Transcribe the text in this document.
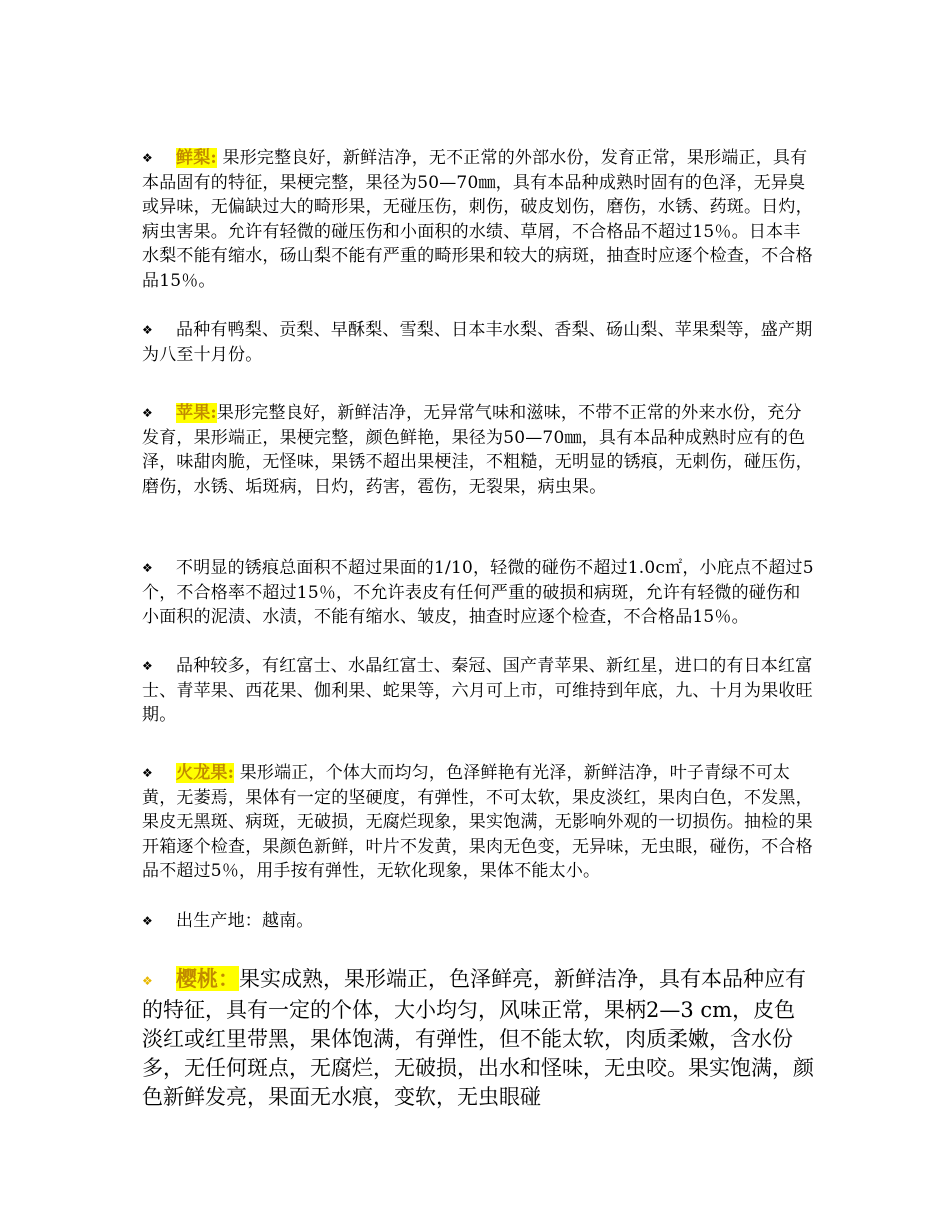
❖ 鲜梨: 果形完整良好，新鲜洁净，无不正常的外部水份，发育正常，果形端正，具有本品固有的特征，果梗完整，果径为50—70㎜，具有本品种成熟时固有的色泽，无异臭或异味，无偏缺过大的畸形果，无碰压伤，刺伤，破皮划伤，磨伤，水锈、药斑。日灼，病虫害果。允许有轻微的碰压伤和小面积的水绩、草屑，不合格品不超过15％。日本丰水梨不能有缩水，砀山梨不能有严重的畸形果和较大的病斑，抽查时应逐个检查，不合格品15％。

❖ 品种有鸭梨、贡梨、早酥梨、雪梨、日本丰水梨、香梨、砀山梨、苹果梨等，盛产期为八至十月份。

❖ 苹果:果形完整良好，新鲜洁净，无异常气味和滋味，不带不正常的外来水份，充分发育，果形端正，果梗完整，颜色鲜艳，果径为50—70㎜，具有本品种成熟时应有的色泽，味甜肉脆，无怪味，果锈不超出果梗洼，不粗糙，无明显的锈痕，无刺伤，碰压伤，磨伤，水锈、垢斑病，日灼，药害，雹伤，无裂果，病虫果。

❖ 不明显的锈痕总面积不超过果面的1/10，轻微的碰伤不超过1.0c㎡，小庇点不超过5个，不合格率不超过15％，不允许表皮有任何严重的破损和病斑，允许有轻微的碰伤和小面积的泥渍、水渍，不能有缩水、皱皮，抽查时应逐个检查，不合格品15％。

❖ 品种较多，有红富士、水晶红富士、秦冠、国产青苹果、新红星，进口的有日本红富士、青苹果、西花果、伽利果、蛇果等，六月可上市，可维持到年底，九、十月为果收旺期。

❖ 火龙果: 果形端正，个体大而均匀，色泽鲜艳有光泽，新鲜洁净，叶子青绿不可太黄，无萎焉，果体有一定的坚硬度，有弹性，不可太软，果皮淡红，果肉白色，不发黑，果皮无黑斑、病斑，无破损，无腐烂现象，果实饱满，无影响外观的一切损伤。抽检的果开箱逐个检查，果颜色新鲜，叶片不发黄，果肉无色变，无异味，无虫眼，碰伤，不合格品不超过5％，用手按有弹性，无软化现象，果体不能太小。

❖ 出生产地：越南。

❖ 樱桃：果实成熟，果形端正，色泽鲜亮，新鲜洁净，具有本品种应有的特征，具有一定的个体，大小均匀，风味正常，果柄2—3 cm，皮色淡红或红里带黑，果体饱满，有弹性，但不能太软，肉质柔嫩，含水份多，无任何斑点，无腐烂，无破损，出水和怪味，无虫咬。果实饱满，颜色新鲜发亮，果面无水痕，变软，无虫眼碰
